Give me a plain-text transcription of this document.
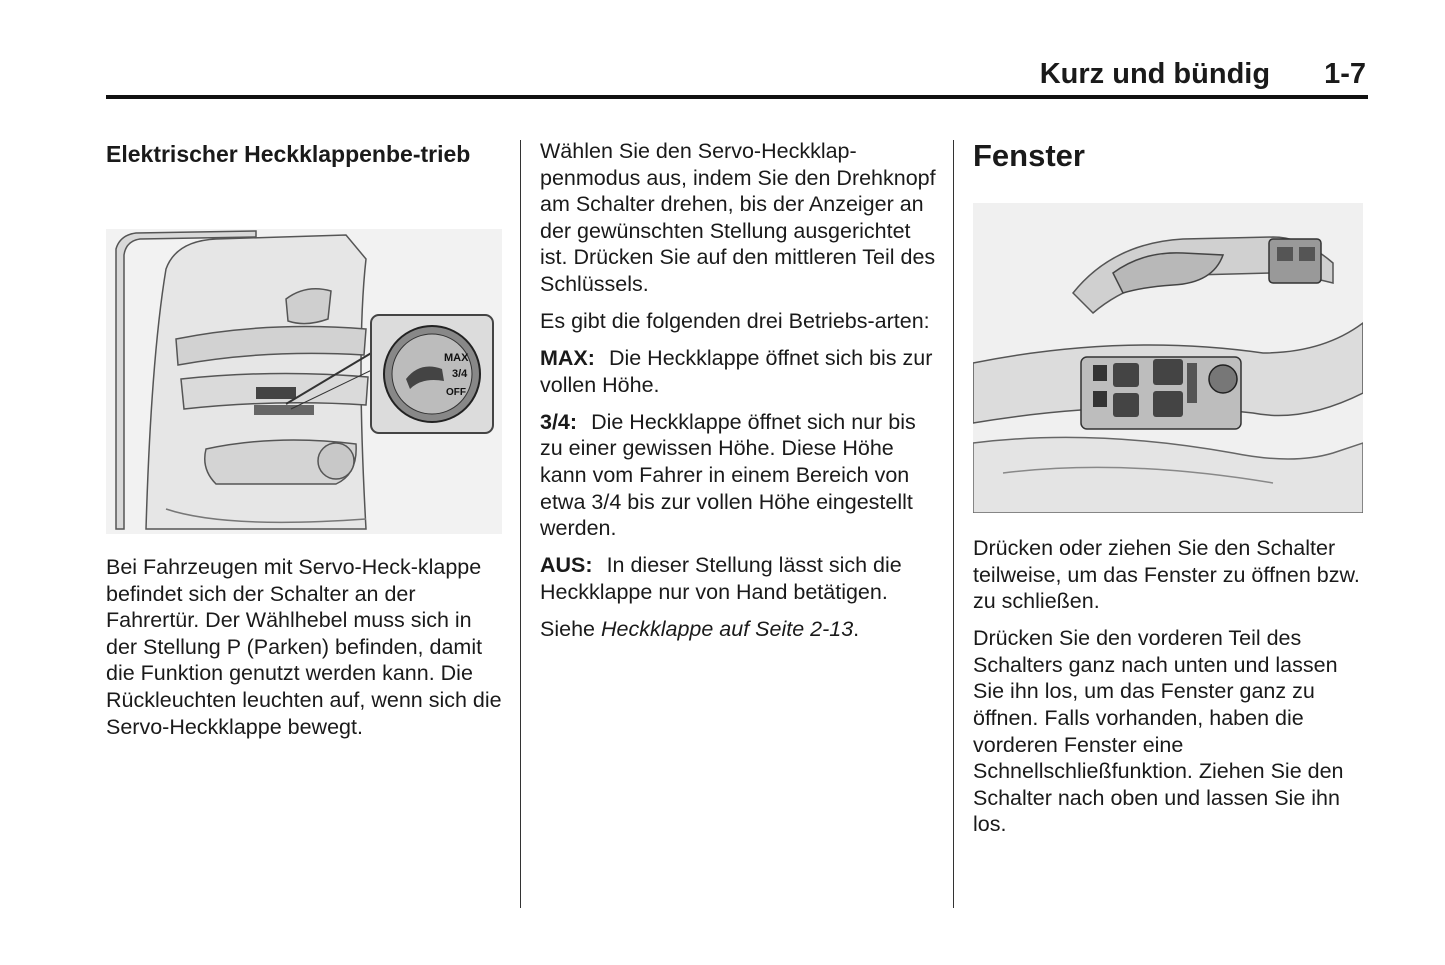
Kurz und bündig 1-7
Elektrischer Heckklappenbe-trieb
MAX
3/4
OFF

Bei Fahrzeugen mit Servo-Heck-klappe befindet sich der Schalter an der Fahrertür. Der Wählhebel muss sich in der Stellung P (Parken) befinden, damit die Funktion genutzt werden kann. Die Rückleuchten leuchten auf, wenn sich die Servo-Heckklappe bewegt.

Wählen Sie den Servo-Heckklap-penmodus aus, indem Sie den Drehknopf am Schalter drehen, bis der Anzeiger an der gewünschten Stellung ausgerichtet ist. Drücken Sie auf den mittleren Teil des Schlüssels.

Es gibt die folgenden drei Betriebs-arten:

MAX: Die Heckklappe öffnet sich bis zur vollen Höhe.

3/4: Die Heckklappe öffnet sich nur bis zu einer gewissen Höhe. Diese Höhe kann vom Fahrer in einem Bereich von etwa 3/4 bis zur vollen Höhe eingestellt werden.

AUS: In dieser Stellung lässt sich die Heckklappe nur von Hand betätigen.

Siehe Heckklappe auf Seite 2-13.

Fenster

Drücken oder ziehen Sie den Schalter teilweise, um das Fenster zu öffnen bzw. zu schließen.

Drücken Sie den vorderen Teil des Schalters ganz nach unten und lassen Sie ihn los, um das Fenster ganz zu öffnen. Falls vorhanden, haben die vorderen Fenster eine Schnellschließfunktion. Ziehen Sie den Schalter nach oben und lassen Sie ihn los.
